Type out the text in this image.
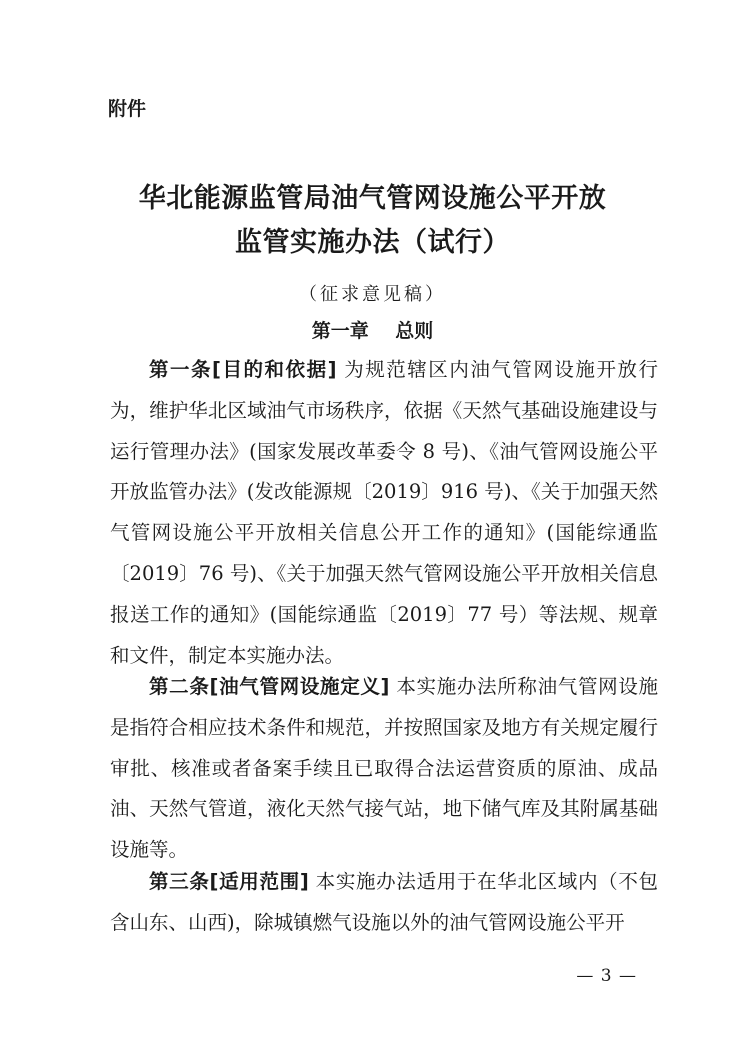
附件
华北能源监管局油气管网设施公平开放
监管实施办法（试行）
（征求意见稿）
第一章 总则

第一条[目的和依据] 为规范辖区内油气管网设施开放行为，维护华北区域油气市场秩序，依据《天然气基础设施建设与运行管理办法》(国家发展改革委令 8 号)、《油气管网设施公平开放监管办法》(发改能源规〔2019〕916 号)、《关于加强天然气管网设施公平开放相关信息公开工作的通知》(国能综通监〔2019〕76 号)、《关于加强天然气管网设施公平开放相关信息报送工作的通知》(国能综通监〔2019〕77 号）等法规、规章和文件，制定本实施办法。

第二条[油气管网设施定义] 本实施办法所称油气管网设施是指符合相应技术条件和规范，并按照国家及地方有关规定履行审批、核准或者备案手续且已取得合法运营资质的原油、成品油、天然气管道，液化天然气接气站，地下储气库及其附属基础设施等。

第三条[适用范围] 本实施办法适用于在华北区域内（不包含山东、山西)，除城镇燃气设施以外的油气管网设施公平开

— 3 —
